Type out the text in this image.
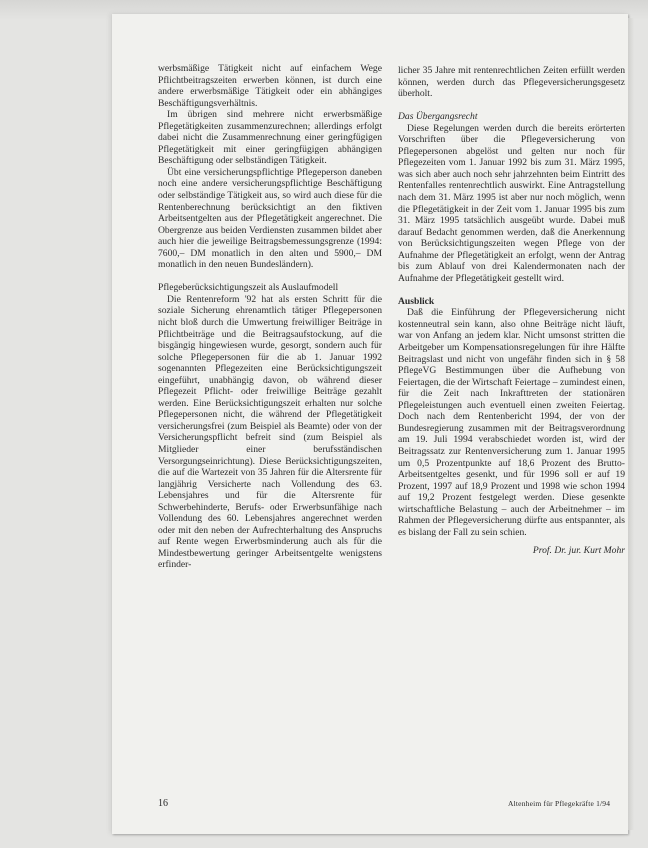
werbsmäßige Tätigkeit nicht auf einfachem Wege Pflichtbeitragszeiten erwerben können, ist durch eine andere erwerbsmäßige Tätigkeit oder ein abhängiges Beschäftigungsverhältnis.

Im übrigen sind mehrere nicht erwerbsmäßige Pflegetätigkeiten zusammenzurechnen; allerdings erfolgt dabei nicht die Zusammenrechnung einer geringfügigen Pflegetätigkeit mit einer geringfügigen abhängigen Beschäftigung oder selbständigen Tätigkeit.

Übt eine versicherungspflichtige Pflegeperson daneben noch eine andere versicherungspflichtige Beschäftigung oder selbständige Tätigkeit aus, so wird auch diese für die Rentenberechnung berücksichtigt an den fiktiven Arbeitsentgelten aus der Pflegetätigkeit angerechnet. Die Obergrenze aus beiden Verdiensten zusammen bildet aber auch hier die jeweilige Beitragsbemessungsgrenze (1994: 7600,– DM monatlich in den alten und 5900,– DM monatlich in den neuen Bundesländern).

Pflegeberücksichtigungszeit als Auslaufmodell

Die Rentenreform '92 hat als ersten Schritt für die soziale Sicherung ehrenamtlich tätiger Pflegepersonen nicht bloß durch die Umwertung freiwilliger Beiträge in Pflichtbeiträge und die Beitragsaufstockung, auf die bisgängig hingewiesen wurde, gesorgt, sondern auch für solche Pflegepersonen für die ab 1. Januar 1992 sogenannten Pflegezeiten eine Berücksichtigungszeit eingeführt, unabhängig davon, ob während dieser Pflegezeit Pflicht- oder freiwillige Beiträge gezahlt werden. Eine Berücksichtigungszeit erhalten nur solche Pflegepersonen nicht, die während der Pflegetätigkeit versicherungsfrei (zum Beispiel als Beamte) oder von der Versicherungspflicht befreit sind (zum Beispiel als Mitglieder einer berufsständischen Versorgungseinrichtung). Diese Berücksichtigungszeiten, die auf die Wartezeit von 35 Jahren für die Altersrente für langjährig Versicherte nach Vollendung des 63. Lebensjahres und für die Altersrente für Schwerbehinderte, Berufs- oder Erwerbsunfähige nach Vollendung des 60. Lebensjahres angerechnet werden oder mit den neben der Aufrechterhaltung des Anspruchs auf Rente wegen Erwerbsminderung auch als für die Mindestbewertung geringer Arbeitsentgelte wenigstens erfinder-

licher 35 Jahre mit rentenrechtlichen Zeiten erfüllt werden können, werden durch das Pflegeversicherungsgesetz überholt.

Das Übergangsrecht

Diese Regelungen werden durch die bereits erörterten Vorschriften über die Pflegeversicherung von Pflegepersonen abgelöst und gelten nur noch für Pflegezeiten vom 1. Januar 1992 bis zum 31. März 1995, was sich aber auch noch sehr jahrzehnten beim Eintritt des Rentenfalles rentenrechtlich auswirkt. Eine Antragstellung nach dem 31. März 1995 ist aber nur noch möglich, wenn die Pflegetätigkeit in der Zeit vom 1. Januar 1995 bis zum 31. März 1995 tatsächlich ausgeübt wurde. Dabei muß darauf Bedacht genommen werden, daß die Anerkennung von Berücksichtigungszeiten wegen Pflege von der Aufnahme der Pflegetätigkeit an erfolgt, wenn der Antrag bis zum Ablauf von drei Kalendermonaten nach der Aufnahme der Pflegetätigkeit gestellt wird.

Ausblick

Daß die Einführung der Pflegeversicherung nicht kostenneutral sein kann, also ohne Beiträge nicht läuft, war von Anfang an jedem klar. Nicht umsonst stritten die Arbeitgeber um Kompensationsregelungen für ihre Hälfte Beitragslast und nicht von ungefähr finden sich in § 58 PflegeVG Bestimmungen über die Aufhebung von Feiertagen, die der Wirtschaft Feiertage – zumindest einen, für die Zeit nach Inkrafttreten der stationären Pflegeleistungen auch eventuell einen zweiten Feiertag. Doch nach dem Rentenbericht 1994, der von der Bundesregierung zusammen mit der Beitragsverordnung am 19. Juli 1994 verabschiedet worden ist, wird der Beitragssatz zur Rentenversicherung zum 1. Januar 1995 um 0,5 Prozentpunkte auf 18,6 Prozent des Brutto-Arbeitsentgeltes gesenkt, und für 1996 soll er auf 19 Prozent, 1997 auf 18,9 Prozent und 1998 wie schon 1994 auf 19,2 Prozent festgelegt werden. Diese gesenkte wirtschaftliche Belastung – auch der Arbeitnehmer – im Rahmen der Pflegeversicherung dürfte aus entspannter, als es bislang der Fall zu sein schien.

Prof. Dr. jur. Kurt Mohr
16	Altenheim für Pflegekräfte 1/94
